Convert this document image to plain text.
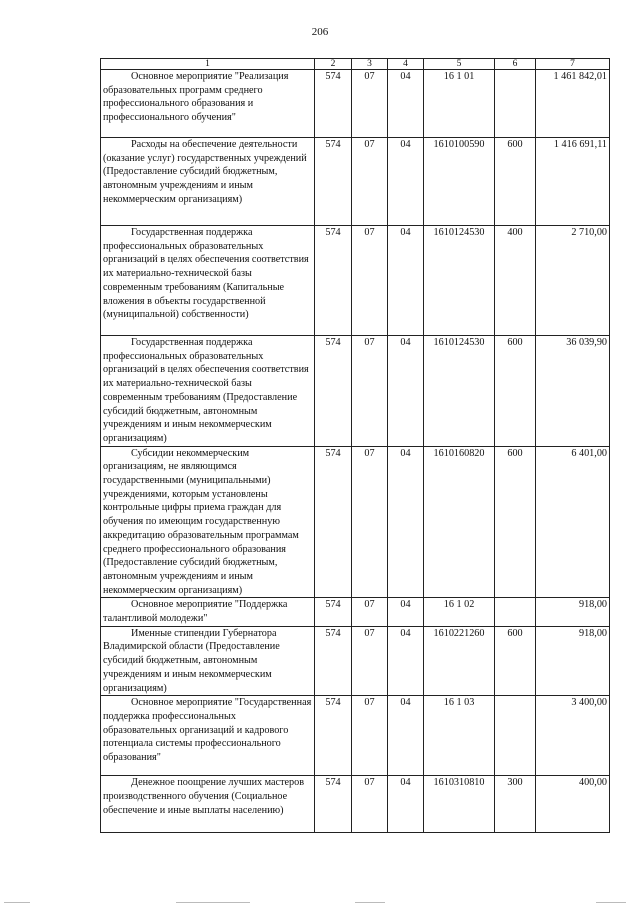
206
1	2	3	4	5	6	7
Основное мероприятие "Реализация образовательных программ среднего профессионального образования и профессионального обучения"	574	07	04	16 1 01		1 461 842,01
Расходы на обеспечение деятельности (оказание услуг) государственных учреждений (Предоставление субсидий бюджетным, автономным учреждениям и иным некоммерческим организациям)	574	07	04	1610100590	600	1 416 691,11
Государственная поддержка профессиональных образовательных организаций в целях обеспечения соответствия их материально-технической базы современным требованиям (Капитальные вложения в объекты государственной (муниципальной) собственности)	574	07	04	1610124530	400	2 710,00
Государственная поддержка профессиональных образовательных организаций в целях обеспечения соответствия их материально-технической базы современным требованиям (Предоставление субсидий бюджетным, автономным учреждениям и иным некоммерческим организациям)	574	07	04	1610124530	600	36 039,90
Субсидии некоммерческим организациям, не являющимся государственными (муниципальными) учреждениями, которым установлены контрольные цифры приема граждан для обучения по имеющим государственную аккредитацию образовательным программам среднего профессионального образования (Предоставление субсидий бюджетным, автономным учреждениям и иным некоммерческим организациям)	574	07	04	1610160820	600	6 401,00
Основное мероприятие "Поддержка талантливой молодежи"	574	07	04	16 1 02		918,00
Именные стипендии Губернатора Владимирской области (Предоставление субсидий бюджетным, автономным учреждениям и иным некоммерческим организациям)	574	07	04	1610221260	600	918,00
Основное мероприятие "Государственная поддержка профессиональных образовательных организаций и кадрового потенциала системы профессионального образования"	574	07	04	16 1 03		3 400,00
Денежное поощрение лучших мастеров производственного обучения (Социальное обеспечение и иные выплаты населению)	574	07	04	1610310810	300	400,00
